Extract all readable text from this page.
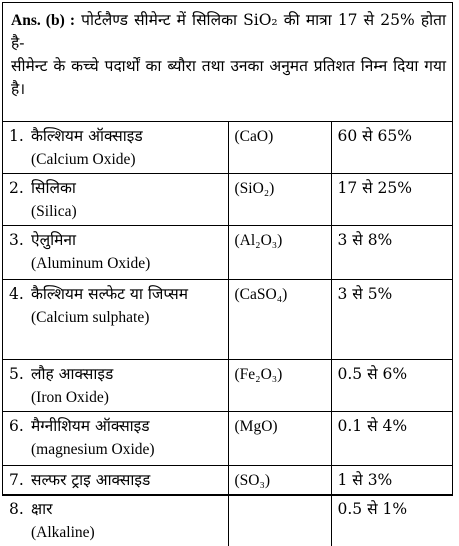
Ans. (b) : पोर्टलैण्ड सीमेन्ट में सिलिका SiO₂ की मात्रा 17 से 25% होता है-

सीमेन्ट के कच्चे पदार्थों का ब्यौरा तथा उनका अनुमत प्रतिशत निम्न दिया गया है।

1. कैल्शियम ऑक्साइड
(Calcium Oxide)	(CaO)	60 से 65%
2. सिलिका
(Silica)	(SiO₂)	17 से 25%
3. ऐलुमिना
(Aluminum Oxide)	(Al₂O₃)	3 से 8%
4. कैल्शियम सल्फेट या जिप्सम
(Calcium sulphate)	(CaSO₄)	3 से 5%
5. लौह आक्साइड
(Iron Oxide)	(Fe₂O₃)	0.5 से 6%
6. मैग्नीशियम ऑक्साइड
(magnesium Oxide)	(MgO)	0.1 से 4%
7. सल्फर ट्राइ आक्साइड	(SO₃)	1 से 3%
8. क्षार
(Alkaline)		0.5 से 1%
